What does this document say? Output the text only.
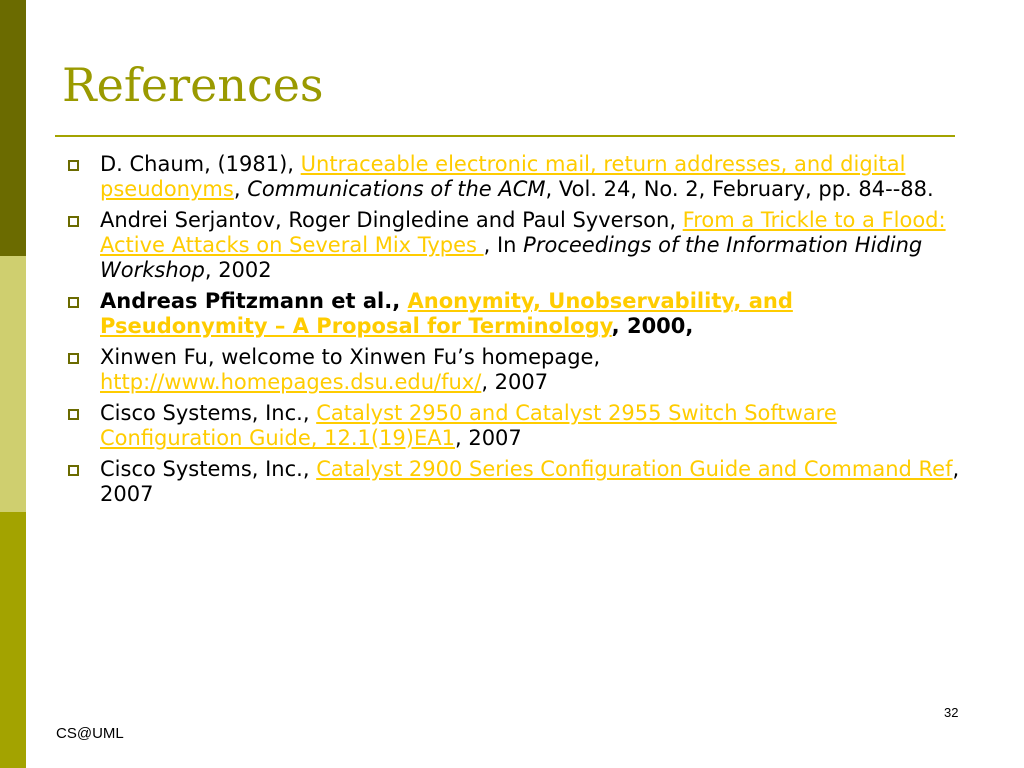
References
D. Chaum, (1981), Untraceable electronic mail, return addresses, and digital pseudonyms, Communications of the ACM, Vol. 24, No. 2, February, pp. 84--88.
Andrei Serjantov, Roger Dingledine and Paul Syverson, From a Trickle to a Flood: Active Attacks on Several Mix Types , In Proceedings of the Information Hiding Workshop, 2002
Andreas Pfitzmann et al., Anonymity, Unobservability, and Pseudonymity – A Proposal for Terminology, 2000,
Xinwen Fu, welcome to Xinwen Fu’s homepage, http://www.homepages.dsu.edu/fux/, 2007
Cisco Systems, Inc., Catalyst 2950 and Catalyst 2955 Switch Software Configuration Guide, 12.1(19)EA1, 2007
Cisco Systems, Inc., Catalyst 2900 Series Configuration Guide and Command Ref, 2007
32
CS@UML
